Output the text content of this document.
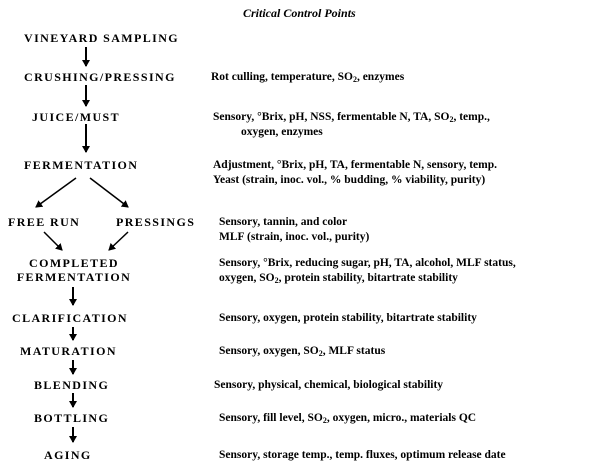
Critical Control Points
VINEYARD SAMPLING
CRUSHING/PRESSING
JUICE/MUST
FERMENTATION
FREE RUN	PRESSINGS
COMPLETED
FERMENTATION
CLARIFICATION
MATURATION
BLENDING
BOTTLING
AGING
Rot culling, temperature, $SO_2$, enzymes
Sensory, °Brix, pH, NSS, fermentable N, TA, $SO_2$, temp.,
oxygen, enzymes
Adjustment, °Brix, pH, TA, fermentable N, sensory, temp.
Yeast (strain, inoc. vol., % budding, % viability, purity)
Sensory, tannin, and color
MLF (strain, inoc. vol., purity)
Sensory, °Brix, reducing sugar, pH, TA, alcohol, MLF status,
oxygen, $SO_2$, protein stability, bitartrate stability
Sensory, oxygen, protein stability, bitartrate stability
Sensory, oxygen, $SO_2$, MLF status
Sensory, physical, chemical, biological stability
Sensory, fill level, $SO_2$, oxygen, micro., materials QC
Sensory, storage temp., temp. fluxes, optimum release date
